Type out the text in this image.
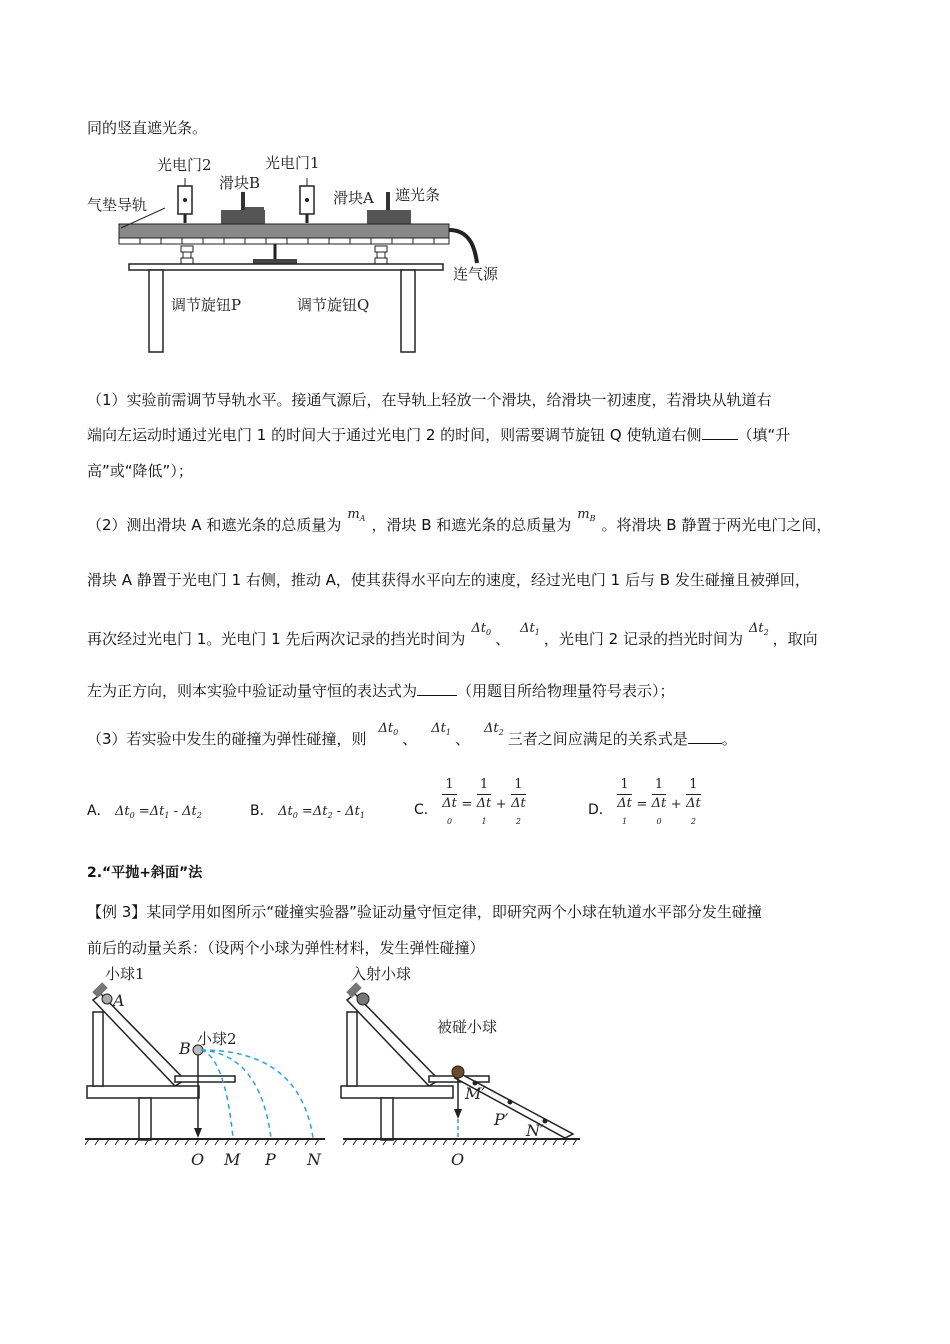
同的竖直遮光条。
光电门2	光电门1
滑块B
滑块A 遮光条
气垫导轨
连气源
调节旋钮P	调节旋钮Q
（1）实验前需调节导轨水平。接通气源后，在导轨上轻放一个滑块，给滑块一初速度，若滑块从轨道右
端向左运动时通过光电门 1 的时间大于通过光电门 2 的时间，则需要调节旋钮 Q 使轨道右侧 （填“升
高”或“降低”）；
（2）测出滑块 A 和遮光条的总质量为$m_A$ ，滑块 B 和遮光条的总质量为$m_B$ 。将滑块 B 静置于两光电门之间，
滑块 A 静置于光电门 1 右侧，推动 A，使其获得水平向左的速度，经过光电门 1 后与 B 发生碰撞且被弹回，
再次经过光电门 1。光电门 1 先后两次记录的挡光时间为$\Delta t_0$ 、$\Delta t_1$ ，光电门 2 记录的挡光时间为$\Delta t_2$ ，取向
左为正方向，则本实验中验证动量守恒的表达式为	（用题目所给物理量符号表示）；
（3）若实验中发生的碰撞为弹性碰撞，则$\Delta t_0$ 、$\Delta t_1$ 、$\Delta t_2$ 三者之间应满足的关系式是 。
A． $\Delta t_0 =\Delta t_1 - \Delta t_2$	B． $\Delta t_0 =\Delta t_2 - \Delta t_1$	C． 1
Δt
0 = 1
Δt
1 + 1
Δt
2	D． 1
Δt
1 = 1
Δt
0 + 1
Δt
2
2.“平抛+斜面”法
【例 3】某同学用如图所示“碰撞实验器”验证动量守恒定律，即研究两个小球在轨道水平部分发生碰撞
前后的动量关系：（设两个小球为弹性材料，发生弹性碰撞）
小球1
A
小球2
B
O M P N
入射小球
被碰小球
M′
P′
N′
O
